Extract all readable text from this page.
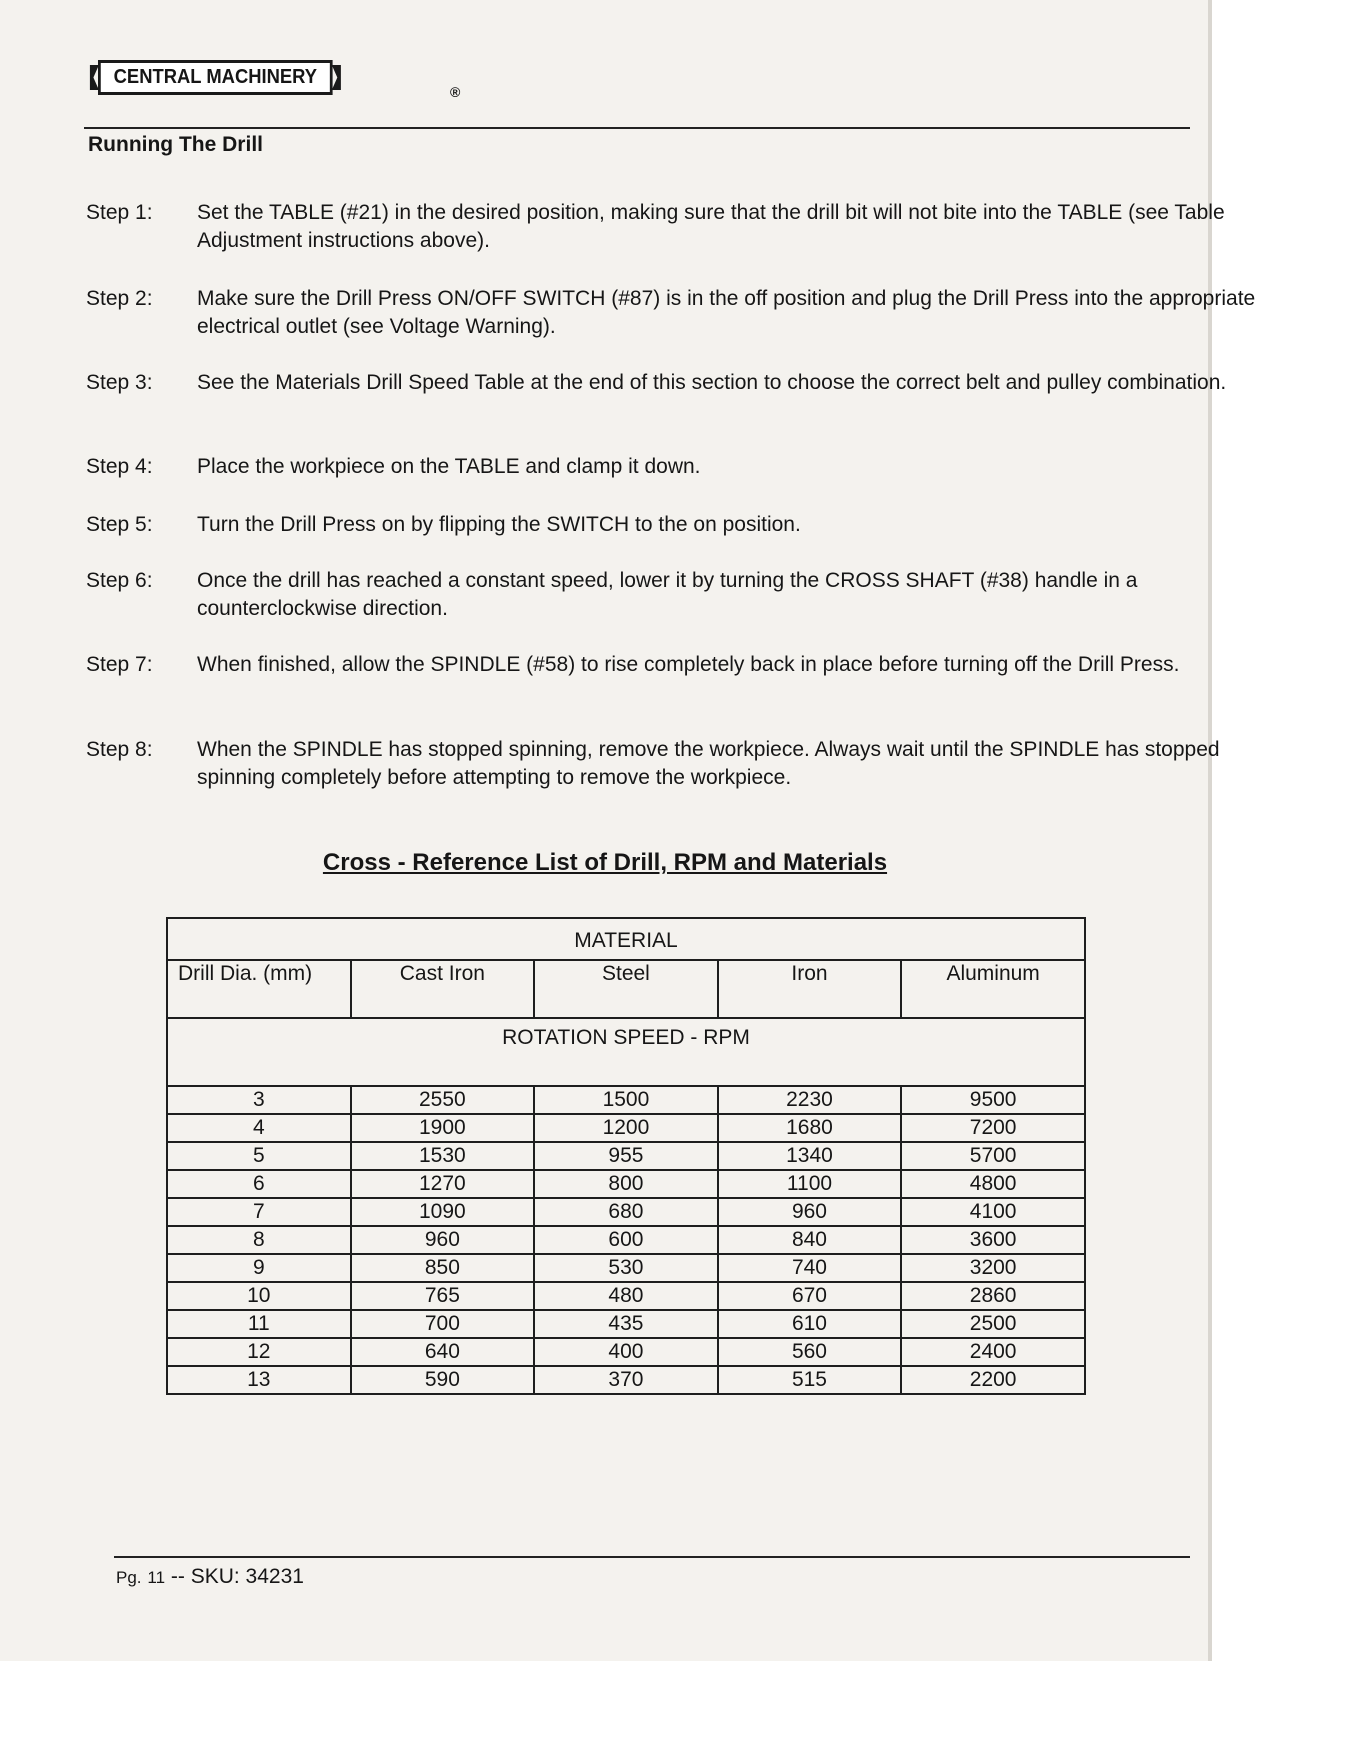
CENTRAL MACHINERY
®
Running The Drill
Step 1:	Set the TABLE (#21) in the desired position, making sure that the drill bit will not bite into the TABLE (see Table Adjustment instructions above).
Step 2:	Make sure the Drill Press ON/OFF SWITCH (#87) is in the off position and plug the Drill Press into the appropriate electrical outlet (see Voltage Warning).
Step 3:	See the Materials Drill Speed Table at the end of this section to choose the correct belt and pulley combination.
Step 4:	Place the workpiece on the TABLE and clamp it down.
Step 5:	Turn the Drill Press on by flipping the SWITCH to the on position.
Step 6:	Once the drill has reached a constant speed, lower it by turning the CROSS SHAFT (#38) handle in a counterclockwise direction.
Step 7:	When finished, allow the SPINDLE (#58) to rise completely back in place before turning off the Drill Press.
Step 8:	When the SPINDLE has stopped spinning, remove the workpiece. Always wait until the SPINDLE has stopped spinning completely before attempting to remove the workpiece.
Cross - Reference List of Drill, RPM and Materials
MATERIAL				
Drill Dia. (mm)	Cast Iron	Steel	Iron	Aluminum
ROTATION SPEED - RPM				
3	2550	1500	2230	9500
4	1900	1200	1680	7200
5	1530	955	1340	5700
6	1270	800	1100	4800
7	1090	680	960	4100
8	960	600	840	3600
9	850	530	740	3200
10	765	480	670	2860
11	700	435	610	2500
12	640	400	560	2400
13	590	370	515	2200
Pg. 11 -- SKU: 34231
